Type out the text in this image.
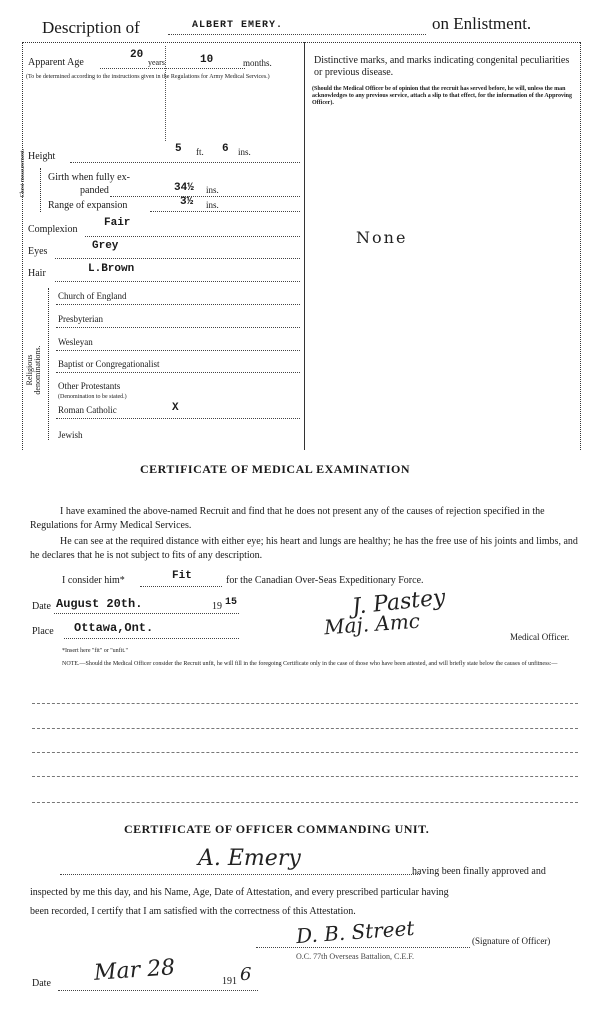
Description of	ALBERT EMERY.	on Enlistment.
Apparent Age
20
years	10	months.
(To be determined according to the instructions given in the Regulations for Army Medical Services.)
Height
5 ft. 6 ins.
Chest measurement. Girth when fully ex-
panded	34½ ins.
Range of expansion	3½ ins.
Complexion
Fair
Eyes	Grey
Hair	L.Brown
Religious denominations.
Church of England
Presbyterian
Wesleyan
Baptist or Congregationalist
Other Protestants
(Denomination to be stated.)
Roman Catholic	X
Jewish
Distinctive marks, and marks indicating congenital peculiarities or previous disease.
(Should the Medical Officer be of opinion that the recruit has served before, he will, unless the man acknowledges to any previous service, attach a slip to that effect, for the information of the Approving Officer).
None
CERTIFICATE OF MEDICAL EXAMINATION
I have examined the above-named Recruit and find that he does not present any of the causes of rejection specified in the Regulations for Army Medical Services.
He can see at the required distance with either eye; his heart and lungs are healthy; he has the free use of his joints and limbs, and he declares that he is not subject to fits of any description.
I consider him*	Fit	for the Canadian Over-Seas Expeditionary Force.
Date August 20th.	19 15
Place Ottawa,Ont.
J. Pastey
Maj. Amc	Medical Officer.
*Insert here "fit" or "unfit."
NOTE.—Should the Medical Officer consider the Recruit unfit, he will fill in the foregoing Certificate only in the case of those who have been attested, and will briefly state below the causes of unfitness:—
CERTIFICATE OF OFFICER COMMANDING UNIT.
A. Emery
having been finally approved and
inspected by me this day, and his Name, Age, Date of Attestation, and every prescribed particular having
been recorded, I certify that I am satisfied with the correctness of this Attestation.
D. B. Street	(Signature of Officer)
O.C. 77th Overseas Battalion, C.E.F.
Date Mar 28	191 6
